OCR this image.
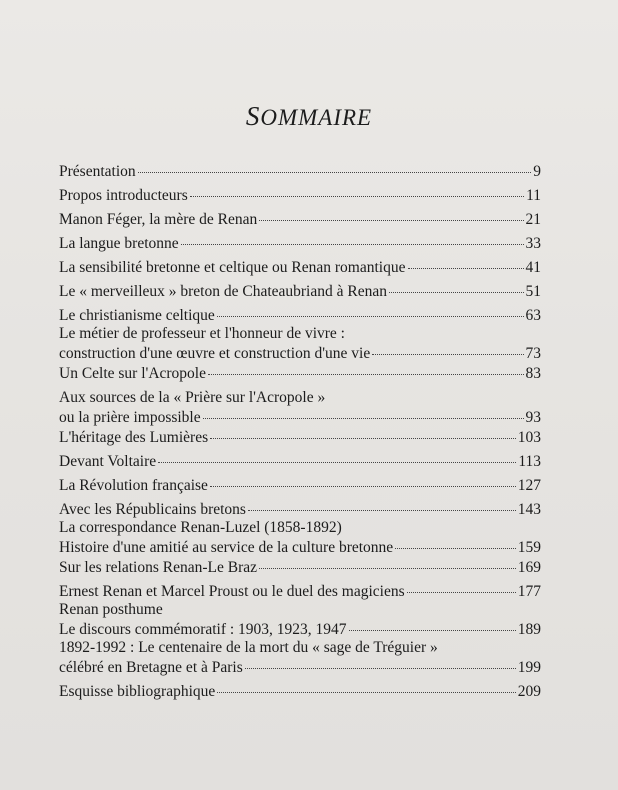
SOMMAIRE
Présentation	9
Propos introducteurs	11
Manon Féger, la mère de Renan	21
La langue bretonne	33
La sensibilité bretonne et celtique ou Renan romantique	41
Le « merveilleux » breton de Chateaubriand à Renan	51
Le christianisme celtique	63
Le métier de professeur et l'honneur de vivre :
construction d'une œuvre et construction d'une vie	73
Un Celte sur l'Acropole	83
Aux sources de la « Prière sur l'Acropole »
ou la prière impossible	93
L'héritage des Lumières	103
Devant Voltaire	113
La Révolution française	127
Avec les Républicains bretons	143
La correspondance Renan-Luzel (1858-1892)
Histoire d'une amitié au service de la culture bretonne	159
Sur les relations Renan-Le Braz	169
Ernest Renan et Marcel Proust ou le duel des magiciens	177
Renan posthume
Le discours commémoratif : 1903, 1923, 1947	189
1892-1992 : Le centenaire de la mort du « sage de Tréguier »
célébré en Bretagne et à Paris	199
Esquisse bibliographique	209
